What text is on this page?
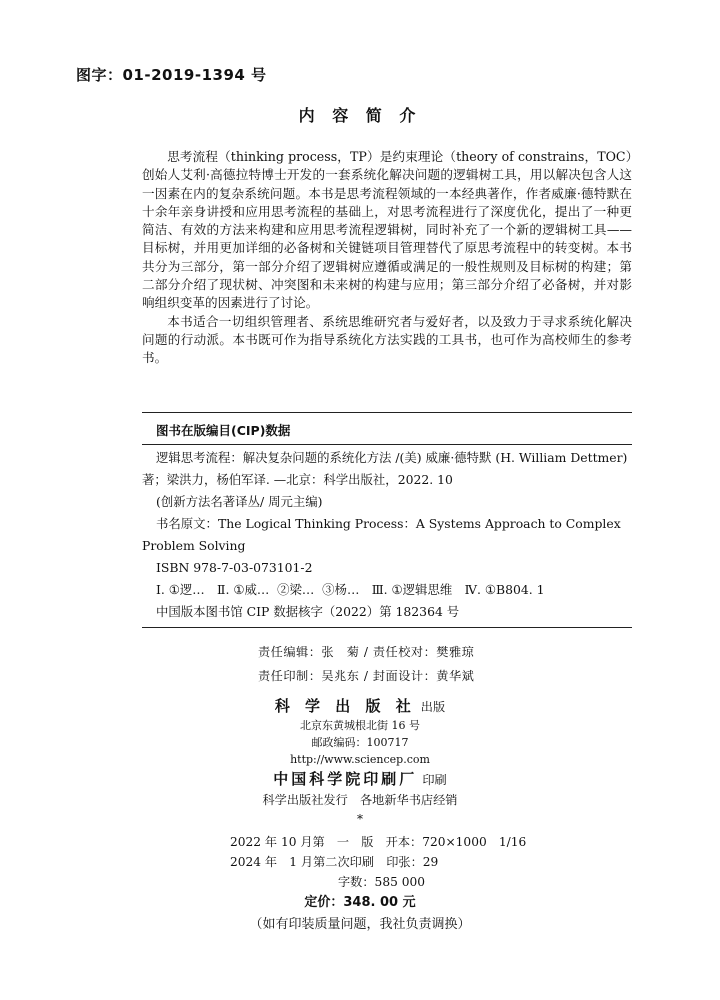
图字：01-2019-1394 号
内 容 简 介

思考流程（thinking process，TP）是约束理论（theory of constrains，TOC）创始人艾利·高德拉特博士开发的一套系统化解决问题的逻辑树工具，用以解决包含人这一因素在内的复杂系统问题。本书是思考流程领域的一本经典著作，作者威廉·德特默在十余年亲身讲授和应用思考流程的基础上，对思考流程进行了深度优化，提出了一种更简洁、有效的方法来构建和应用思考流程逻辑树，同时补充了一个新的逻辑树工具——目标树，并用更加详细的必备树和关键链项目管理替代了原思考流程中的转变树。本书共分为三部分，第一部分介绍了逻辑树应遵循或满足的一般性规则及目标树的构建；第二部分介绍了现状树、冲突图和未来树的构建与应用；第三部分介绍了必备树，并对影响组织变革的因素进行了讨论。

本书适合一切组织管理者、系统思维研究者与爱好者，以及致力于寻求系统化解决问题的行动派。本书既可作为指导系统化方法实践的工具书，也可作为高校师生的参考书。

图书在版编目(CIP)数据
逻辑思考流程：解决复杂问题的系统化方法 /(美) 威廉·德特默 (H. William Dettmer) 著；梁洪力，杨伯军译. —北京：科学出版社，2022. 10
(创新方法名著译丛/ 周元主编)
书名原文：The Logical Thinking Process：A Systems Approach to Complex Problem Solving
ISBN 978-7-03-073101-2
Ⅰ. ①逻…　Ⅱ. ①威…  ②梁…  ③杨…　Ⅲ. ①逻辑思维　Ⅳ. ①B804. 1
中国版本图书馆 CIP 数据核字（2022）第 182364 号
责任编辑：张　菊 / 责任校对：樊雅琼
责任印制：吴兆东 / 封面设计：黄华斌
科 学 出 版 社 出版
北京东黄城根北街 16 号
邮政编码：100717
http://www.sciencep.com
中国科学院印刷厂 印刷
科学出版社发行　各地新华书店经销
*
2022 年 10 月第　一　版　开本：720×1000　1/16
2024 年　1 月第二次印刷　印张：29
字数：585 000
定价：348. 00 元
（如有印装质量问题，我社负责调换）
